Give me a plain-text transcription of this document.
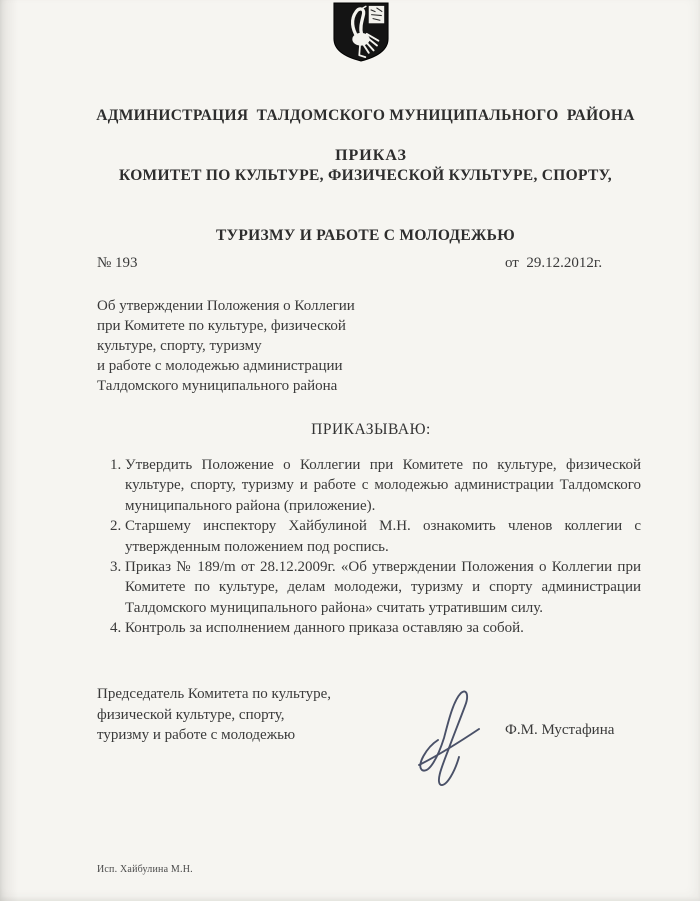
АДМИНИСТРАЦИЯ  ТАЛДОМСКОГО МУНИЦИПАЛЬНОГО  РАЙОНА

КОМИТЕТ ПО КУЛЬТУРЕ, ФИЗИЧЕСКОЙ КУЛЬТУРЕ, СПОРТУ,

ТУРИЗМУ И РАБОТЕ С МОЛОДЕЖЬЮ

ПРИКАЗ
№ 193	от  29.12.2012г.
Об утверждении Положения о Коллегии
при Комитете по культуре, физической
культуре, спорту, туризму
и работе с молодежью администрации
Талдомского муниципального района
ПРИКАЗЫВАЮ:
1. Утвердить Положение о Коллегии при Комитете по культуре, физической культуре, спорту, туризму и работе с молодежью администрации Талдомского муниципального района (приложение).
2. Старшему инспектору Хайбулиной М.Н. ознакомить членов коллегии с утвержденным положением под роспись.
3. Приказ № 189/m от 28.12.2009г. «Об утверждении Положения о Коллегии при Комитете по культуре, делам молодежи, туризму и спорту администрации Талдомского муниципального района» считать утратившим силу.
4. Контроль за исполнением данного приказа оставляю за собой.
Председатель Комитета по культуре,
физической культуре, спорту,
туризму и работе с молодежью	Ф.М. Мустафина
Исп. Хайбулина М.Н.
